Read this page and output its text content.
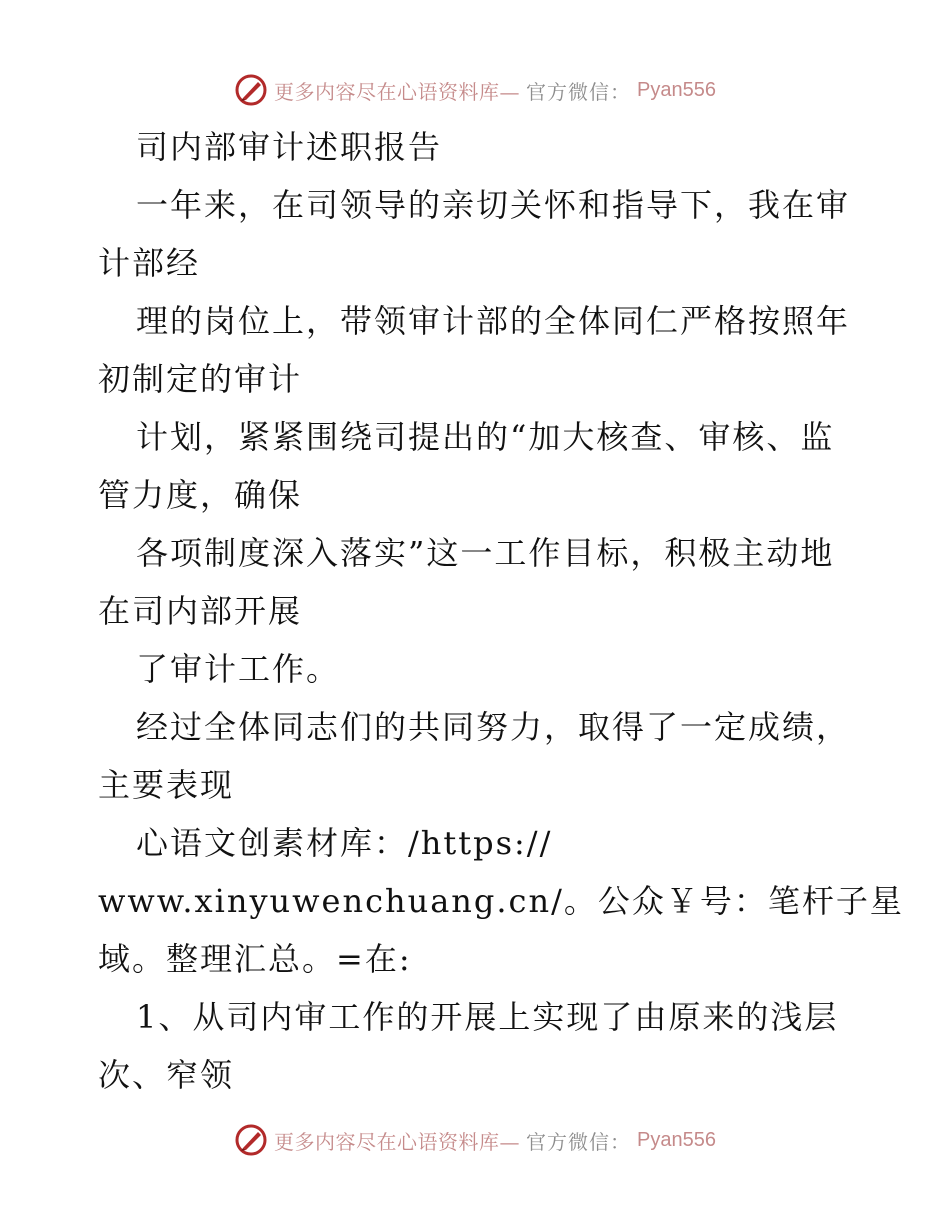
更多内容尽在心语资料库— 官方微信： Pyan556
司内部审计述职报告
一年来，在司领导的亲切关怀和指导下，我在审
计部经
理的岗位上，带领审计部的全体同仁严格按照年
初制定的审计
计划，紧紧围绕司提出的“加大核查、审核、监
管力度，确保
各项制度深入落实”这一工作目标，积极主动地
在司内部开展
了审计工作。
经过全体同志们的共同努力，取得了一定成绩，
主要表现
心语文创素材库：/https://
www.xinyuwenchuang.cn/。公众￥号：笔杆子星
域。整理汇总。=在:
1、从司内审工作的开展上实现了由原来的浅层
次、窄领
更多内容尽在心语资料库— 官方微信： Pyan556
